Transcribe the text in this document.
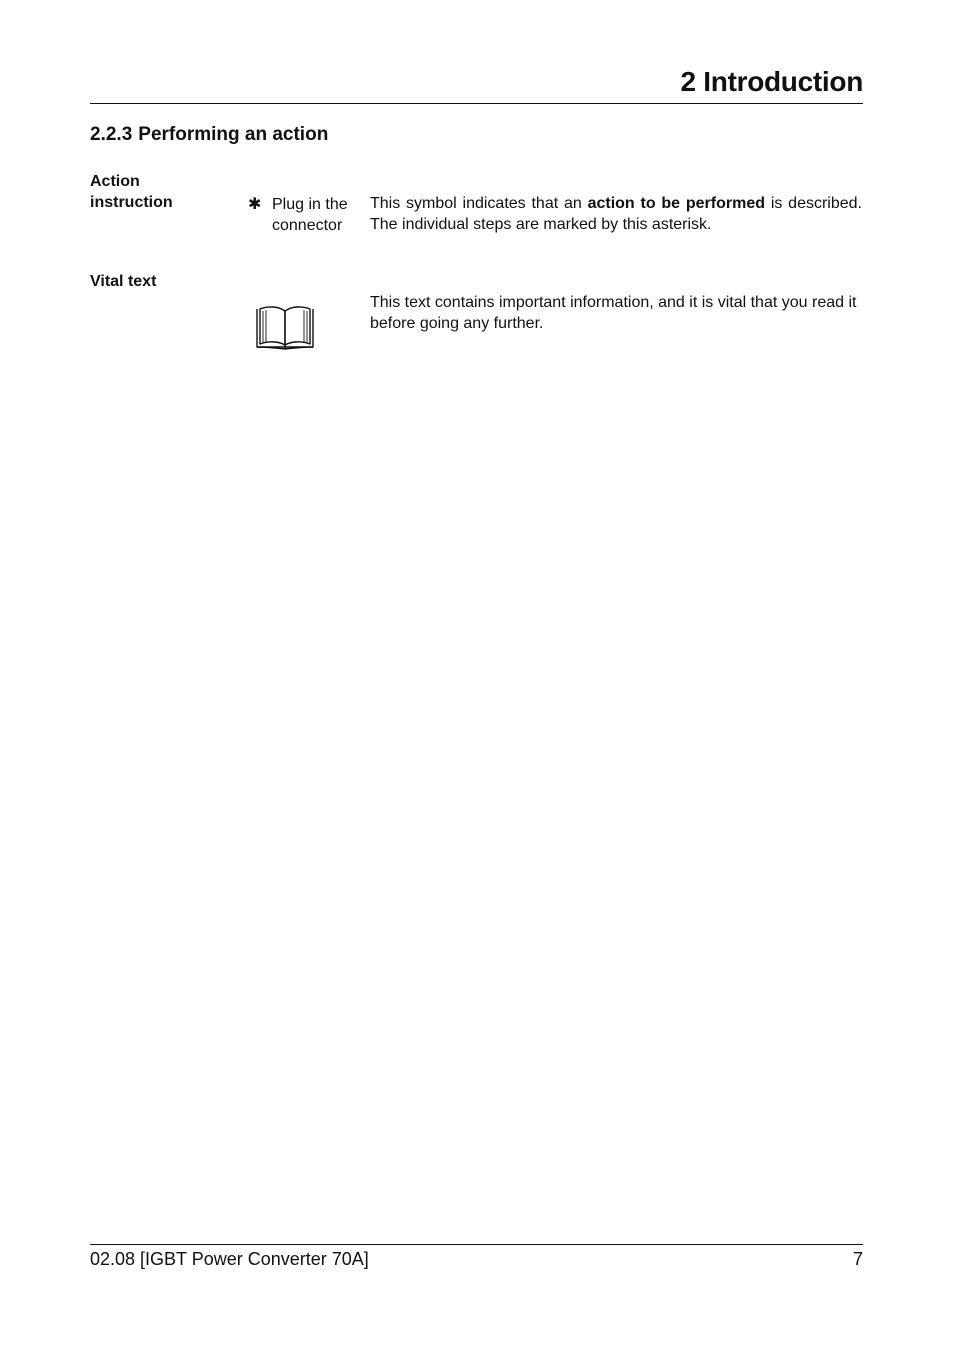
2 Introduction
2.2.3 Performing an action
Action
instruction	✱ Plug in the
connector

This symbol indicates that an action to be performed is described. The individual steps are marked by this asterisk.

Vital text

This text contains important information, and it is vital that you read it before going any further.

02.08 [IGBT Power Converter 70A]	7
